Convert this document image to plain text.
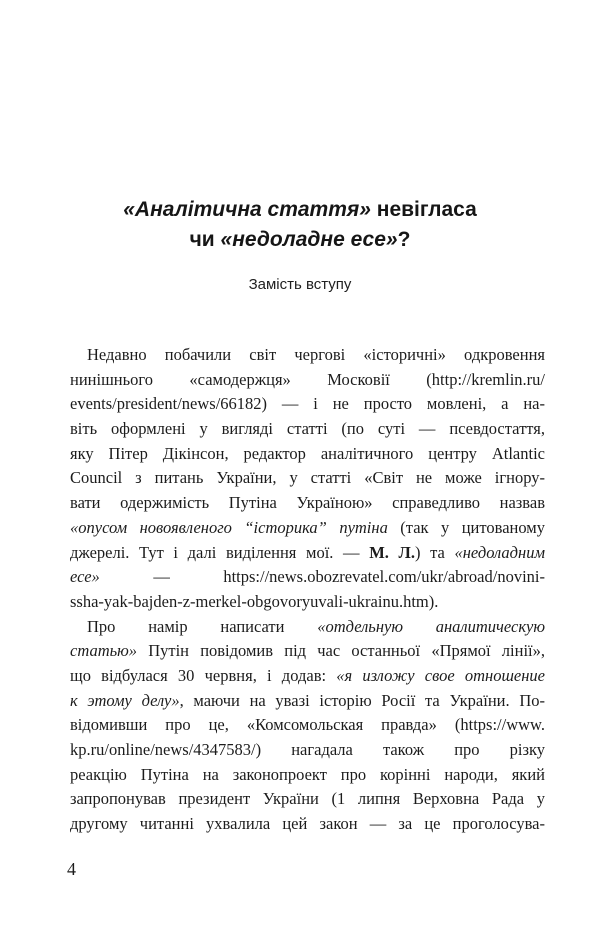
«Аналітична стаття» невігласа
чи «недоладне есе»?
Замість вступу
Недавно побачили світ чергові «історичні» одкровення
нинішнього «самодержця» Московії (http://kremlin.ru/
events/president/news/66182) — і не просто мовлені, а на-
віть оформлені у вигляді статті (по суті — псевдостаття,
яку Пітер Дікінсон, редактор аналітичного центру Atlantic
Council з питань України, у статті «Світ не може ігнору-
вати одержимість Путіна Україною» справедливо назвав
«опусом новоявленого “історика” путіна (так у цитованому
джерелі. Тут і далі виділення мої. — М. Л.) та «недоладним
есе» — https://news.obozrevatel.com/ukr/abroad/novini-
ssha-yak-bajden-z-merkel-obgovoryuvali-ukrainu.htm).
Про намір написати «отдельную аналитическую
статью» Путін повідомив під час останньої «Прямої лінії»,
що відбулася 30 червня, і додав: «я изложу свое отношение
к этому делу», маючи на увазі історію Росії та України. По-
відомивши про це, «Комсомольская правда» (https://www.
kp.ru/online/news/4347583/) нагадала також про різку
реакцію Путіна на законопроект про корінні народи, який
запропонував президент України (1 липня Верховна Рада у
другому читанні ухвалила цей закон — за це проголосува-
4
